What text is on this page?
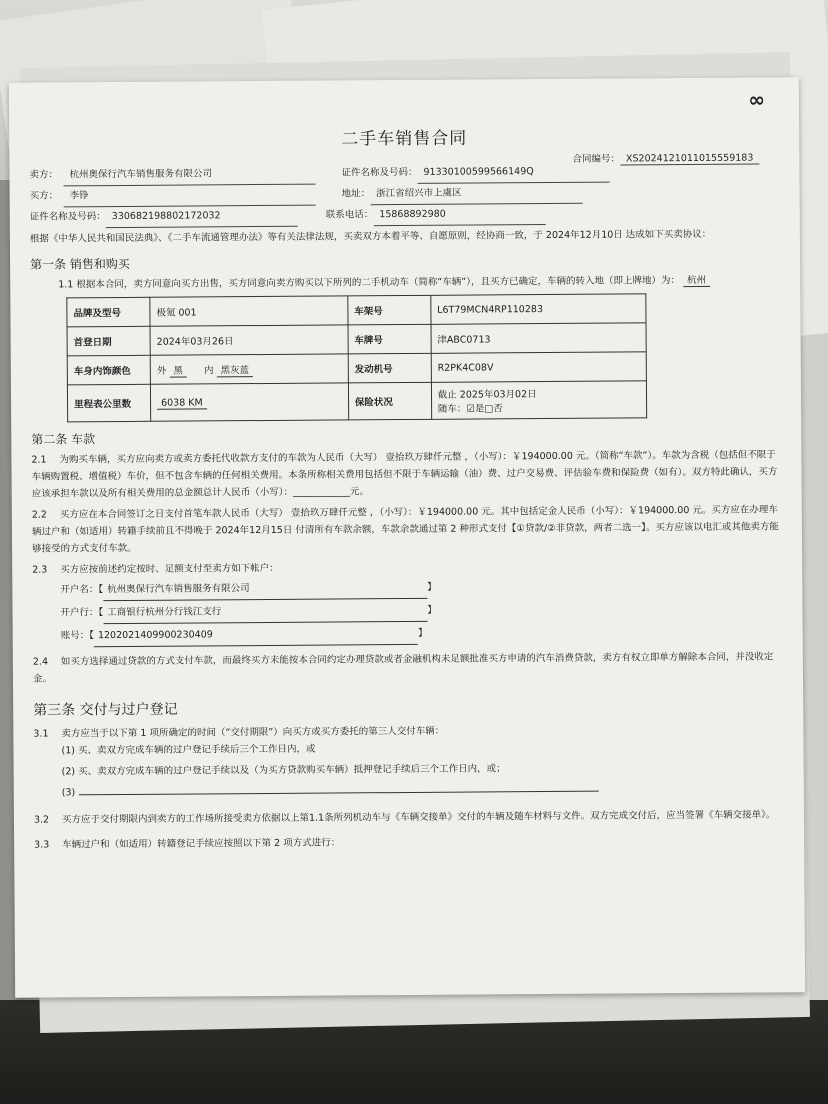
∞
合同编号： XS2024121011015559183
二手车销售合同
卖方：	杭州奥保行汽车销售服务有限公司	证件名称及号码： 91330100599566149Q
买方：	李铮	地址： 浙江省绍兴市上虞区
证件名称及号码： 330682198802172032	联系电话： 15868892980

根据《中华人民共和国民法典》、《二手车流通管理办法》等有关法律法规，买卖双方本着平等、自愿原则，经协商一致，于 2024年12月10日 达成如下买卖协议：

第一条 销售和购买

1.1 根据本合同，卖方同意向买方出售，买方同意向卖方购买以下所列的二手机动车（简称“车辆”），且买方已确定，车辆的转入地（即上牌地）为： 杭州

品牌及型号	极氪 001	车架号	L6T79MCN4RP110283
首登日期	2024年03月26日	车牌号	津ABC0713
车身内饰颜色	外 黑 内 黑灰蓝	发动机号	R2PK4C08V
里程表公里数	6038 KM	保险状况	截止 2025年03月02日
随车：☑是□否
第二条 车款

2.1 为购买车辆，买方应向卖方或卖方委托代收款方支付的车款为人民币（大写） 壹拾玖万肆仟元整 ，（小写）：￥194000.00 元。（简称“车款”）。车款为含税（包括但不限于车辆购置税、增值税）车价，但不包含车辆的任何相关费用。本条所称相关费用包括但不限于车辆运输（油）费、过户交易费、评估验车费和保险费（如有）。双方特此确认，买方应该承担车款以及所有相关费用的总金额总计人民币（小写）：____________元。

2.2 买方应在本合同签订之日支付首笔车款人民币（大写） 壹拾玖万肆仟元整 ，（小写）：￥194000.00 元。其中包括定金人民币（小写）：￥194000.00 元。买方应在办理车辆过户和（如适用）转籍手续前且不得晚于 2024年12月15日 付清所有车款余额，车款余款通过第 2 种形式支付【①贷款/②非贷款，两者二选一】。买方应该以电汇或其他卖方能够接受的方式支付车款。

2.3 买方应按前述约定按时、足额支付至卖方如下帐户：

开户名：【 杭州奥保行汽车销售服务有限公司	】
开户行：【 工商银行杭州分行钱江支行	】
账号：【 1202021409900230409	】

2.4 如买方选择通过贷款的方式支付车款，而最终买方未能按本合同约定办理贷款或者金融机构未足额批准买方申请的汽车消费贷款，卖方有权立即单方解除本合同，并没收定金。

第三条 交付与过户登记

3.1 卖方应当于以下第 1 项所确定的时间（“交付期限”）向买方或买方委托的第三人交付车辆：

(1) 买、卖双方完成车辆的过户登记手续后三个工作日内，或

(2) 买、卖双方完成车辆的过户登记手续以及（为买方贷款购买车辆）抵押登记手续后三个工作日内，或；

(3)

3.2 买方应于交付期限内到卖方的工作场所接受卖方依据以上第1.1条所列机动车与《车辆交接单》交付的车辆及随车材料与文件。双方完成交付后，应当签署《车辆交接单》。

3.3 车辆过户和（如适用）转籍登记手续应按照以下第 2 项方式进行：
